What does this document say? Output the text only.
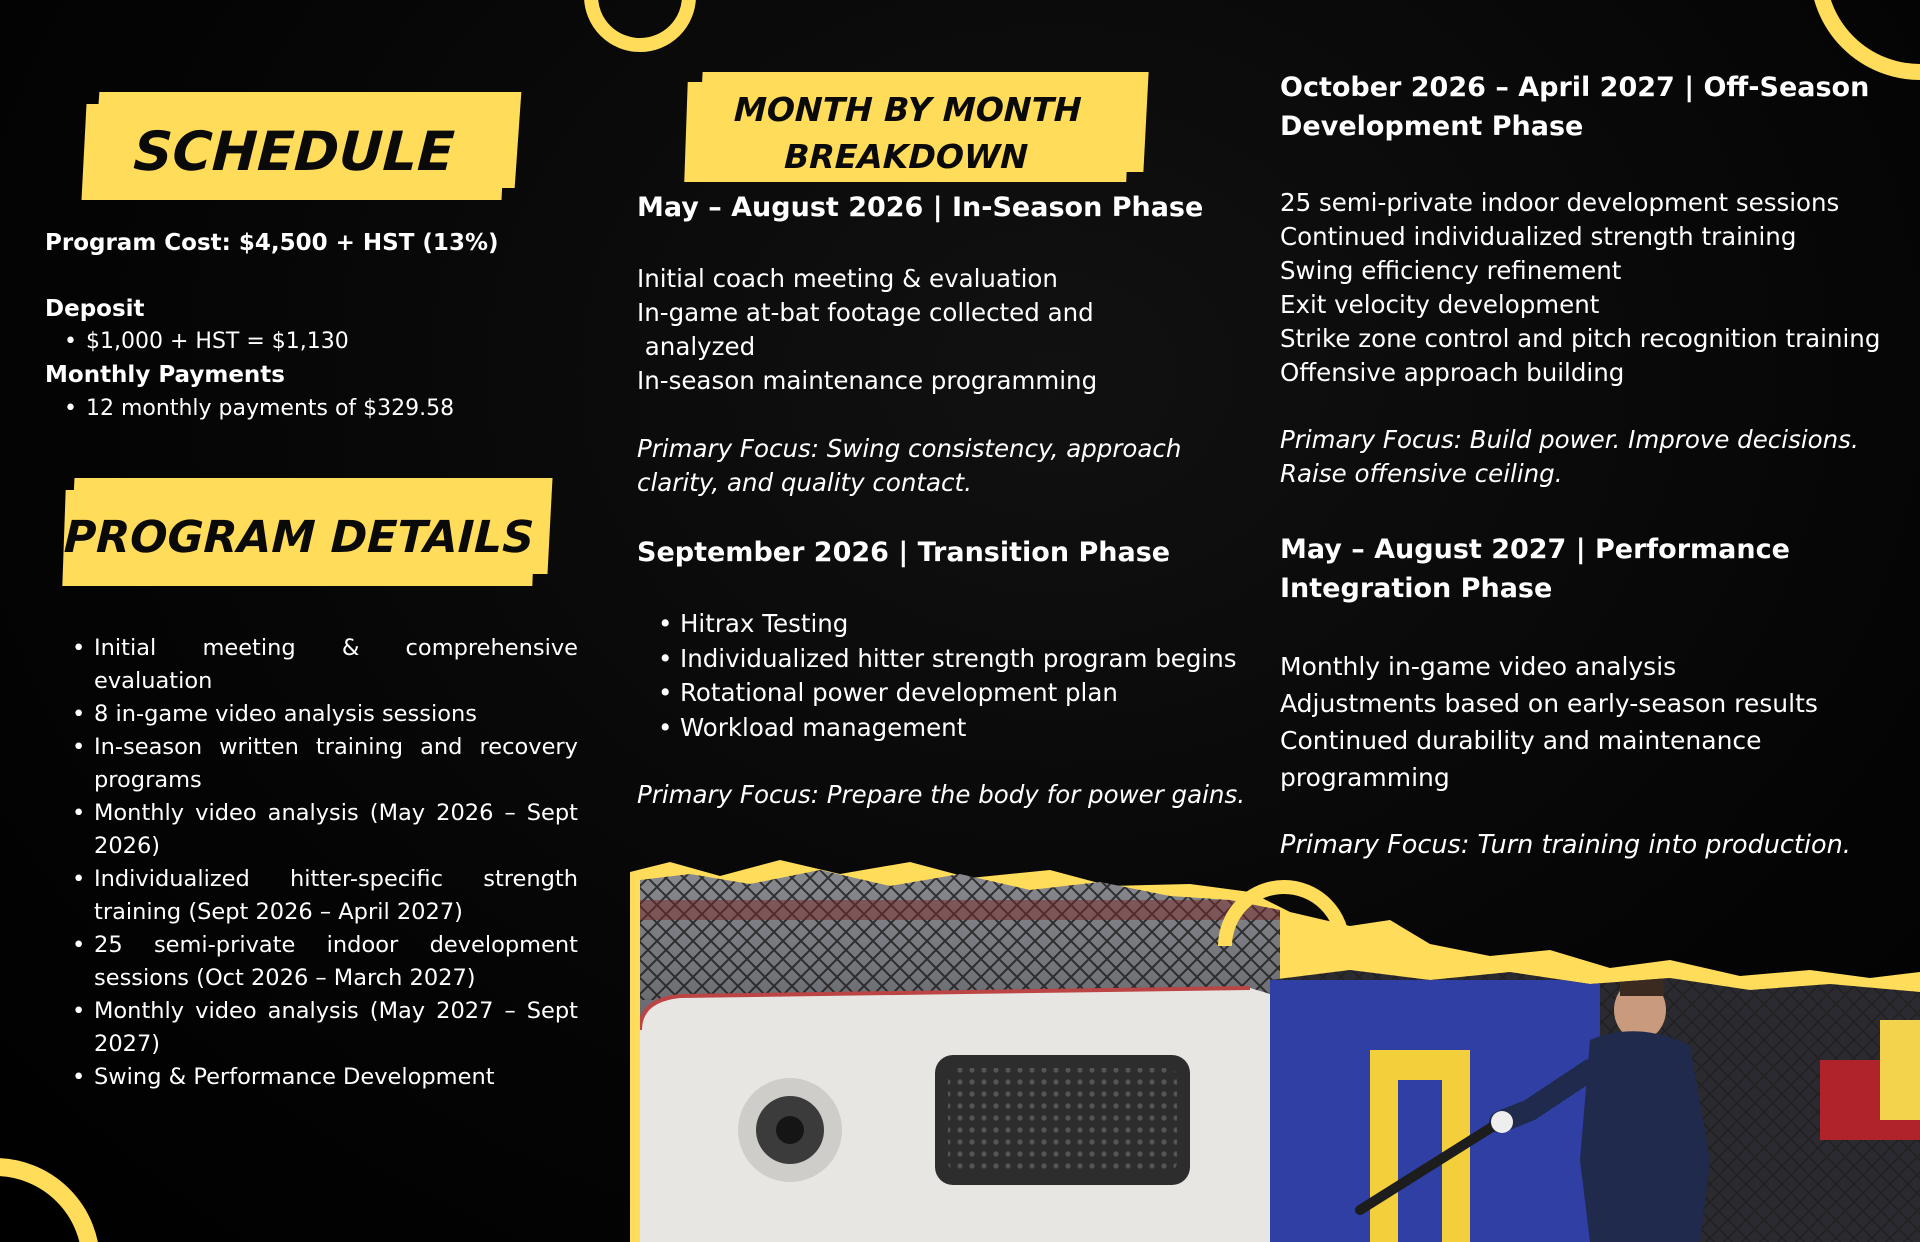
SCHEDULE

Program Cost: $4,500 + HST (13%)

Deposit

• $1,000 + HST = $1,130

Monthly Payments

• 12 monthly payments of $329.58
PROGRAM DETAILS
• Initial meeting & comprehensive evaluation
• 8 in-game video analysis sessions
• In-season written training and recovery programs
• Monthly video analysis (May 2026 – Sept 2026)
• Individualized hitter-specific strength training (Sept 2026 – April 2027)
• 25 semi-private indoor development sessions (Oct 2026 – March 2027)
• Monthly video analysis (May 2027 – Sept 2027)
• Swing & Performance Development
MONTH BY MONTH
BREAKDOWN

May – August 2026 | In-Season Phase

Initial coach meeting & evaluation
In-game at-bat footage collected and
analyzed
In-season maintenance programming

Primary Focus: Swing consistency, approach

clarity, and quality contact.

September 2026 | Transition Phase

• Hitrax Testing
• Individualized hitter strength program begins
• Rotational power development plan
• Workload management

Primary Focus: Prepare the body for power gains.

October 2026 – April 2027 | Off-Season

Development Phase

25 semi-private indoor development sessions
Continued individualized strength training
Swing efficiency refinement
Exit velocity development
Strike zone control and pitch recognition training
Offensive approach building

Primary Focus: Build power. Improve decisions.

Raise offensive ceiling.

May – August 2027 | Performance

Integration Phase

Monthly in-game video analysis
Adjustments based on early-season results
Continued durability and maintenance
programming

Primary Focus: Turn training into production.
